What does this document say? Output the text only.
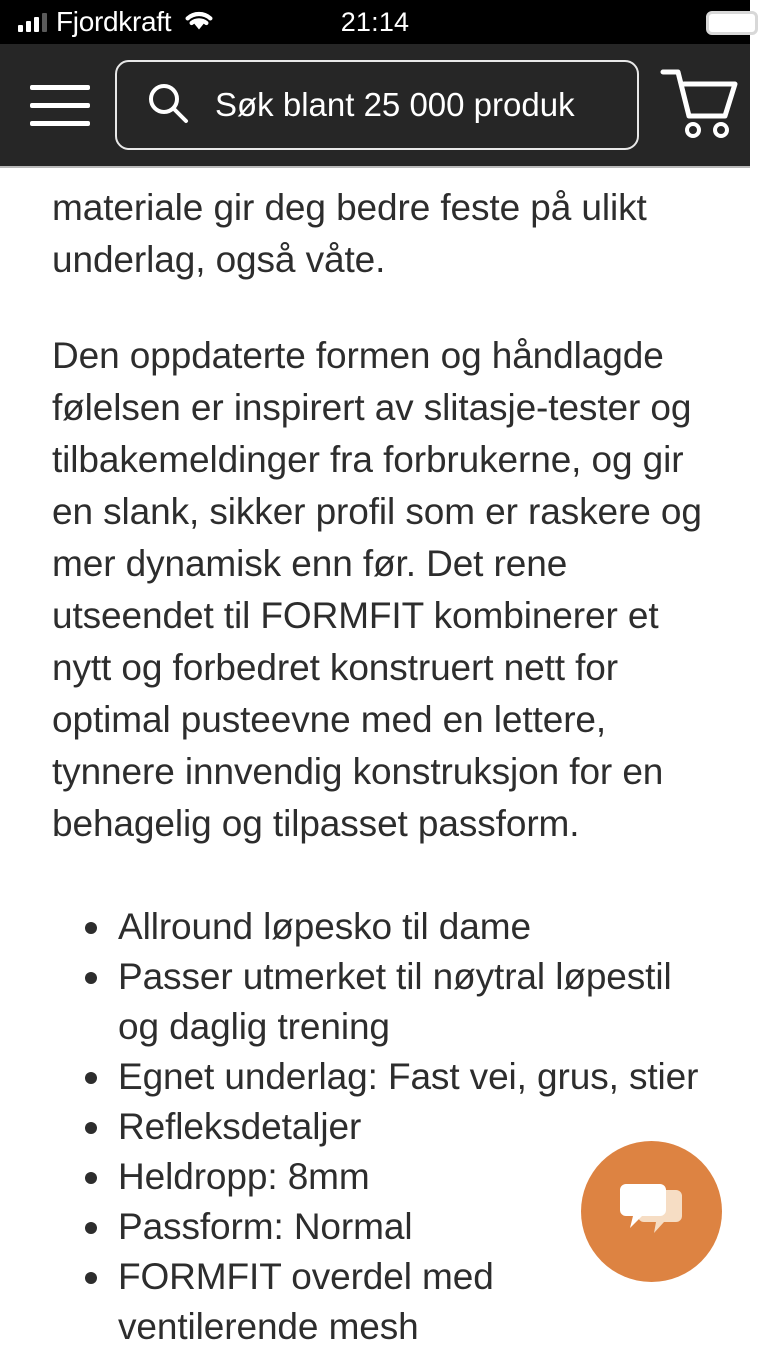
Fjordkraft	21:14
Søk blant 25 000 produk

materiale gir deg bedre feste på ulikt underlag, også våte.

Den oppdaterte formen og håndlagde følelsen er inspirert av slitasje-tester og tilbakemeldinger fra forbrukerne, og gir en slank, sikker profil som er raskere og mer dynamisk enn før. Det rene utseendet til FORMFIT kombinerer et nytt og forbedret konstruert nett for optimal pusteevne med en lettere, tynnere innvendig konstruksjon for en behagelig og tilpasset passform.

Allround løpesko til dame
Passer utmerket til nøytral løpestil og daglig trening
Egnet underlag: Fast vei, grus, stier
Refleksdetaljer
Heldropp: 8mm
Passform: Normal
FORMFIT overdel med ventilerende mesh
